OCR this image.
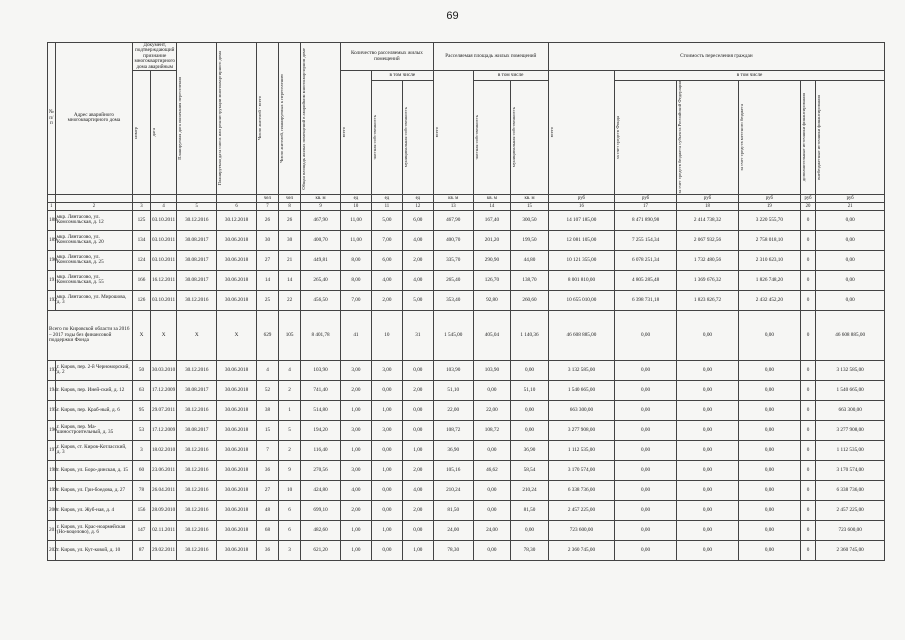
69
№ п/п	Адрес аварийного многоквартирного дома	Документ, подтверждающий признание многоквартирного дома аварийным		Планируемая дата окончания переселения	Планируемая дата сноса или реконструкции многоквартирного дома	Число жителей - всего	Число жителей, планируемых к переселению	Общая площадь жилых помещений в аварийном многоквартирном доме	Количество расселяемых жилых помещений			Расселяемая площадь жилых помещений			Стоимость переселения граждан					

		номер	дата						всего	в том числе		всего	в том числе		всего	в том числе				

										частная собственность	муниципальная собственность		частная собственность	муниципальная собственность		за счет средств Фонда	за счет средств бюджета субъекта Российской Федерации	за счет средств местного бюджета	дополнительные источники финансирования	внебюджетные источники финансирования

						чел	чел	кв. м	ед	ед	ед	кв. м	кв. м	кв. м	руб	руб	руб	руб	руб	руб
1	2	3	4	5	6	7	8	9	10	11	12	13	14	15	16	17	18	19	20	21
188	мкр. Лянтасово, ул. Комсомольская, д. 12	125	03.10.2011	30.12.2016	30.12.2018	26	26	467,90	11,00	5,00	6,00	467,90	167,40	300,50	14 107 185,00	8 471 890,98	2 414 738,32	3 220 555,70	0	0,00
189	мкр. Лянтасово, ул. Комсомольская, д. 20	134	03.10.2011	30.08.2017	30.06.2018	30	30	400,70	11,00	7,00	4,00	400,70	201,20	199,50	12 081 105,00	7 255 154,34	2 067 932,56	2 758 018,10	0	0,00
190	мкр. Лянтасово, ул. Комсомольская, д. 25	124	03.10.2011	30.08.2017	30.06.2018	27	21	449,81	8,00	6,00	2,00	335,70	290,90	44,80	10 121 355,00	6 078 251,34	1 732 480,56	2 310 623,10	0	0,00
191	мкр. Лянтасово, ул. Комсомольская, д. 55	166	16.12.2011	30.08.2017	30.06.2018	14	14	265,40	8,00	4,00	4,00	265,40	126,70	138,70	8 001 810,00	4 805 285,48	1 369 676,32	1 826 748,20	0	0,00
192	мкр. Лянтасово, ул. Мирошова, д. 3	126	03.10.2011	30.12.2016	30.06.2018	25	22	456,50	7,00	2,00	5,00	353,40	92,80	260,60	10 655 010,00	6 398 731,18	1 823 826,72	2 432 452,20	0	0,00
Всего по Кировской области за 2016 – 2017 годы без финансовой поддержки Фонда		X	X	X	X	629	105	8 401,78	41	10	31	1 545,00	405,04	1 140,36	46 608 885,00	0,00	0,00	0,00	0	46 608 885,00
193	г. Киров, пер. 2-й Черноморский, д. 2	50	30.03.2010	30.12.2016	30.06.2018	4	4	103,90	3,00	3,00	0,00	103,90	103,90	0,00	3 132 585,00	0,00	0,00	0,00	0	3 132 585,00
194	г. Киров, пер. Иней-ский, д. 12	63	17.12.2009	30.08.2017	30.06.2018	52	2	741,40	2,00	0,00	2,00	51,10	0,00	51,10	1 540 665,00	0,00	0,00	0,00	0	1 540 665,00
195	г. Киров, пер. Краб-ный, д. 6	95	29.07.2011	30.12.2016	30.06.2018	38	1	514,80	1,00	1,00	0,00	22,00	22,00	0,00	663 300,00	0,00	0,00	0,00	0	663 300,00
196	г. Киров, пер. Ма-шиностроительный, д. 35	53	17.12.2009	30.08.2017	30.06.2018	15	5	194,20	3,00	3,00	0,00	108,72	108,72	0,00	3 277 908,00	0,00	0,00	0,00	0	3 277 908,00
197	г. Киров, ст. Киров-Котласский, д. 3	3	18.02.2010	30.12.2016	30.06.2018	7	2	116,40	1,00	0,00	1,00	36,90	0,00	36,90	1 112 535,00	0,00	0,00	0,00	0	1 112 535,00
198	г. Киров, ул. Боро-динская, д. 15	60	23.06.2011	30.12.2016	30.06.2018	36	9	270,56	3,00	1,00	2,00	105,16	46,62	58,54	3 170 574,00	0,00	0,00	0,00	0	3 170 574,00
199	г. Киров, ул. Гри-боедова, д. 27	78	26.04.2011	30.12.2016	30.06.2018	27	10	424,80	4,00	0,00	4,00	210,24	0,00	210,24	6 338 736,00	0,00	0,00	0,00	0	6 338 736,00
200	г. Киров, ул. Жуб-ная, д. 4	156	28.09.2010	30.12.2016	30.06.2018	48	6	699,10	2,00	0,00	2,00	81,50	0,00	81,50	2 457 225,00	0,00	0,00	0,00	0	2 457 225,00
201	г. Киров, ул. Крас-ноармейская (Но-воцелово), д. 6	147	02.11.2011	30.12.2016	30.06.2018	68	6	482,60	1,00	1,00	0,00	24,00	24,00	0,00	723 600,00	0,00	0,00	0,00	0	723 600,00
202	г. Киров, ул. Кут-ковой, д. 10	87	29.02.2011	30.12.2016	30.06.2018	36	3	621,20	1,00	0,00	1,00	78,30	0,00	78,30	2 360 745,00	0,00	0,00	0,00	0	2 360 745,00
